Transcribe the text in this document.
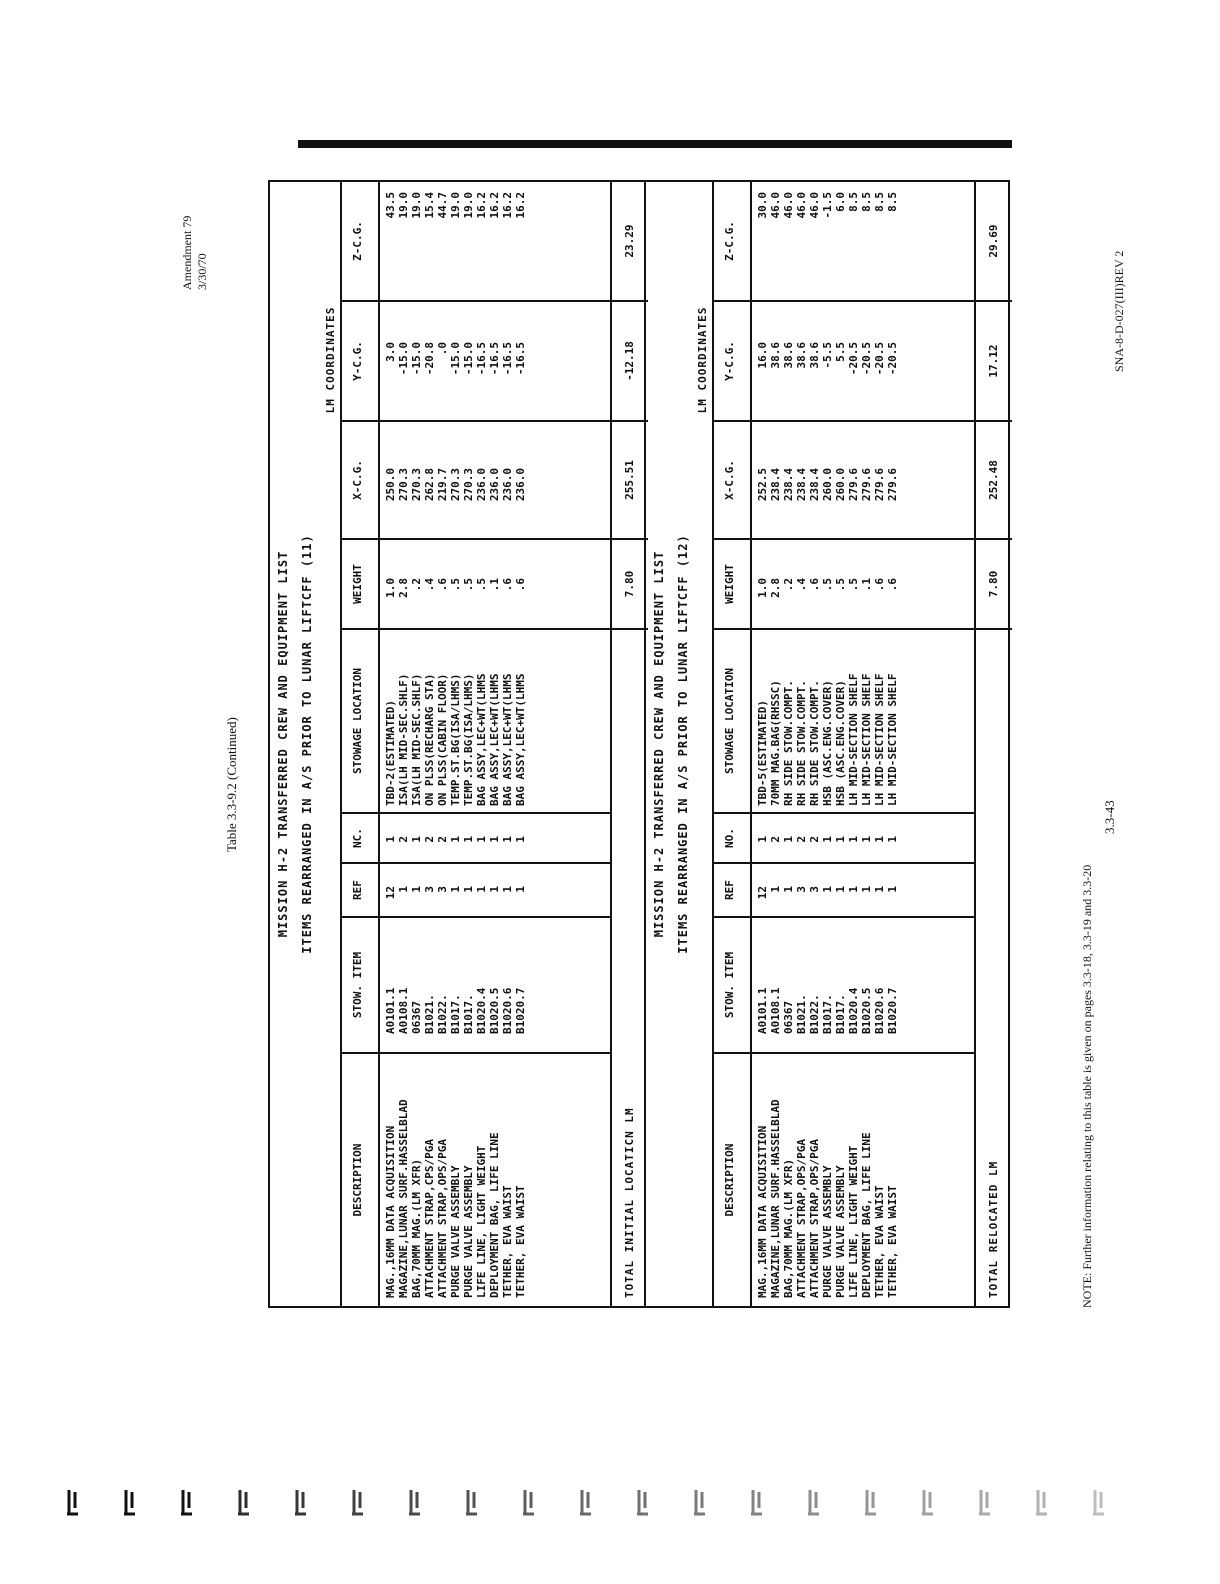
Amendment 79 3/30/70
Table 3.3-9.2 (Continued)	MISSION H-2 TRANSFERRED CREW AND EQUIPMENT LIST ITEMS REARRANGED IN A/S PRIOR TO LUNAR LIFTCFF (11)
LM COORDINATES
DESCRIPTION
STOW. ITEM
REF
NC.
STOWAGE LOCATION
WEIGHT
X-C.G.
Y-C.G.
Z-C.G.
MAG.,16MM DATA ACQUISITION
A0101.1
12
1
TBD-2(ESTIMATED)
1.0
250.0
3.0
43.5
MAGAZINE,LUNAR SURF.HASSELBLAD
A0108.1
1
2
ISA(LH MID-SEC.SHLF)
2.8
270.3
-15.0
19.0
BAG,70MM MAG.(LM XFR)
06367
1
1
ISA(LH MID-SEC.SHLF)
.2
270.3
-15.0
19.0
ATTACHMENT STRAP,CPS/PGA
B1021.
3
2
ON PLSS(RECHARG STA)
.4
262.8
-20.8
15.4
ATTACHMENT STRAP,OPS/PGA
B1022.
3
2
ON PLSS(CABIN FLOOR)
.6
219.7
.0
44.7
PURGE VALVE ASSEMBLY
B1017.
1
1
TEMP.ST.BG(ISA/LHMS)
.5
270.3
-15.0
19.0
PURGE VALVE ASSEMBLY
B1017.
1
1
TEMP.ST.BG(ISA/LHMS)
.5
270.3
-15.0
19.0
LIFE LINE, LIGHT WEIGHT
B1020.4
1
1
BAG ASSY,LEC+WT(LHMS
.5
236.0
-16.5
16.2
DEPLOYMENT BAG, LIFE LINE
B1020.5
1
1
BAG ASSY,LEC+WT(LHMS
.1
236.0
-16.5
16.2
TETHER, EVA WAIST
B1020.6
1
1
BAG ASSY,LEC+WT(LHMS
.6
236.0
-16.5
16.2
TETHER, EVA WAIST
B1020.7
1
1
BAG ASSY,LEC+WT(LHMS
.6
236.0
-16.5
16.2
TOTAL INITIAL LOCATICN LM
7.80
255.51
-12.18
23.29
MISSION H-2 TRANSFERRED CREW AND EQUIPMENT LIST ITEMS REARRANGED IN A/S PRIOR TO LUNAR LIFTCFF (12)
LM COORDINATES
DESCRIPTION
STOW. ITEM
REF
NO.
STOWAGE LOCATION
WEIGHT
X-C.G.
Y-C.G.
Z-C.G.
MAG.,16MM DATA ACQUISITION
A0101.1
12
1
TBD-5(ESTIMATED)
1.0
252.5
16.0
30.0
MAGAZINE,LUNAR SURF.HASSELBLAD
A0108.1
1
2
70MM MAG.BAG(RHSSC)
2.8
238.4
38.6
46.0
BAG,70MM MAG.(LM XFR)
06367
1
1
RH SIDE STOW.COMPT.
.2
238.4
38.6
46.0
ATTACHMENT STRAP,OPS/PGA
B1021.
3
2
RH SIDE STOW.COMPT.
.4
238.4
38.6
46.0
ATTACHMENT STRAP,OPS/PGA
B1022.
3
2
RH SIDE STOW.COMPT.
.6
238.4
38.6
46.0
PURGE VALVE ASSEMBLY
B1017.
1
1
HSB (ASC.ENG.COVER)
.5
260.0
-5.5
-1.5
PURGE VALVE ASSEMBLY
B1017.
1
1
HSB (ASC.ENG.COVER)
.5
260.0
5.5
6.0
LIFE LINE, LIGHT WEIGHT
B1020.4
1
1
LH MID-SECTION SHELF
.5
279.6
-20.5
8.5
DEPLOYMENT BAG, LIFE LINE
B1020.5
1
1
LH MID-SECTION SHELF
.1
279.6
-20.5
8.5
TETHER, EVA WAIST
B1020.6
1
1
LH MID-SECTION SHELF
.6
279.6
-20.5
8.5
TETHER, EVA WAIST
B1020.7
1
1
LH MID-SECTION SHELF
.6
279.6
-20.5
8.5
TOTAL RELOCATED LM
7.80
252.48
17.12
29.69
3.3-43
NOTE: Further information relating to this table is given on pages 3.3-18, 3.3-19 and 3.3-20
SNA-8-D-027(III)REV 2
